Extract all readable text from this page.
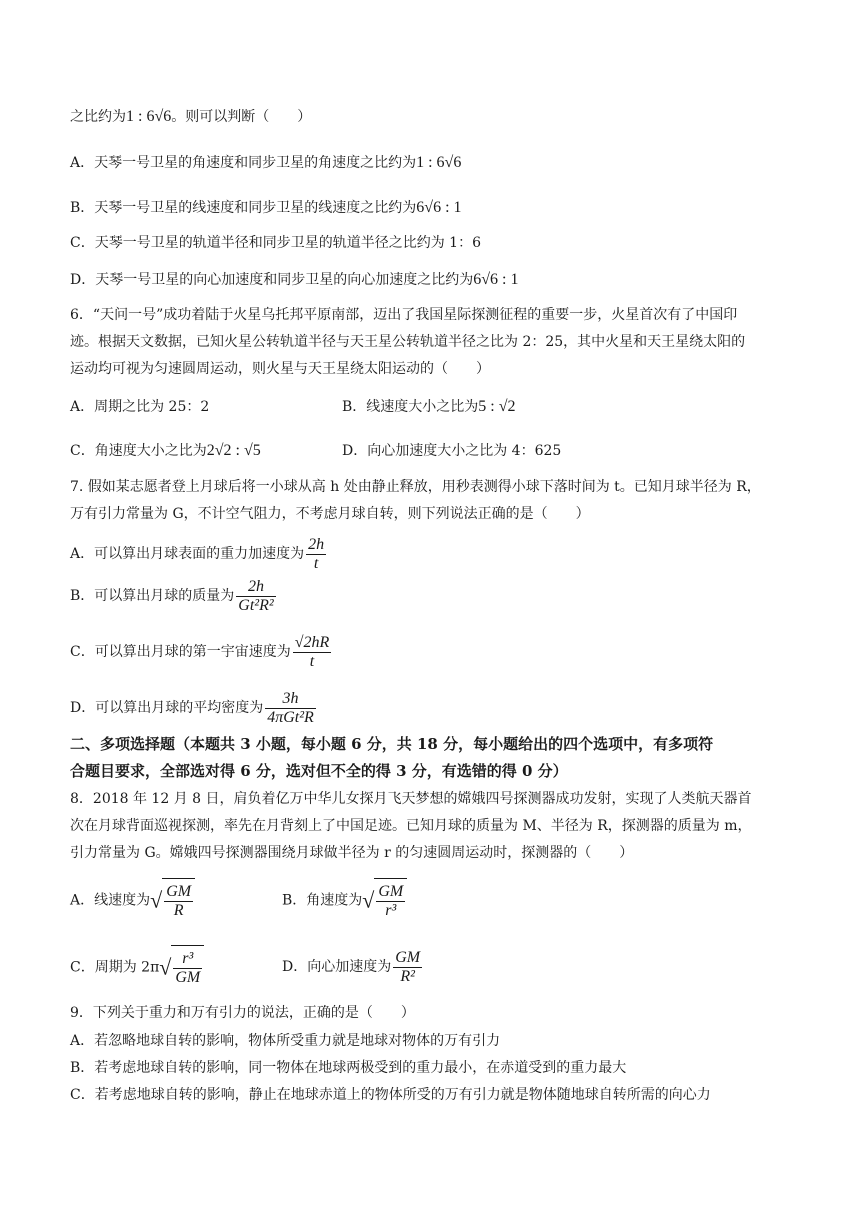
之比约为1 : 6√6。则可以判断（　　）
A．天琴一号卫星的角速度和同步卫星的角速度之比约为1 : 6√6
B．天琴一号卫星的线速度和同步卫星的线速度之比约为6√6 : 1
C．天琴一号卫星的轨道半径和同步卫星的轨道半径之比约为 1：6
D．天琴一号卫星的向心加速度和同步卫星的向心加速度之比约为6√6 : 1
6．“天问一号”成功着陆于火星乌托邦平原南部，迈出了我国星际探测征程的重要一步，火星首次有了中国印
迹。根据天文数据，已知火星公转轨道半径与天王星公转轨道半径之比为 2：25，其中火星和天王星绕太阳的
运动均可视为匀速圆周运动，则火星与天王星绕太阳运动的（　　）
A．周期之比为 25：2	B．线速度大小之比为5 : √2
C．角速度大小之比为2√2 : √5	D．向心加速度大小之比为 4：625
7. 假如某志愿者登上月球后将一小球从高 h 处由静止释放，用秒表测得小球下落时间为 t。已知月球半径为 R，
万有引力常量为 G，不计空气阻力，不考虑月球自转，则下列说法正确的是（　　）
A．可以算出月球表面的重力加速度为 $\frac{2h}{t}$
B．可以算出月球的质量为 $\frac{2h}{\text{Gt²R²}}$
C．可以算出月球的第一宇宙速度为 $\frac{√2hR}{t}$
D．可以算出月球的平均密度为 $\frac{3h}{\text{4πGt²R}}$
二、多项选择题（本题共 3 小题，每小题 6 分，共 18 分，每小题给出的四个选项中，有多项符
合题目要求，全部选对得 6 分，选对但不全的得 3 分，有选错的得 0 分）
8．2018 年 12 月 8 日，肩负着亿万中华儿女探月飞天梦想的嫦娥四号探测器成功发射，实现了人类航天器首
次在月球背面巡视探测，率先在月背刻上了中国足迹。已知月球的质量为 M、半径为 R，探测器的质量为 m，
引力常量为 G。嫦娥四号探测器围绕月球做半径为 r 的匀速圆周运动时，探测器的（　　）
A．线速度为√ $\frac{GM}{R}$	B．角速度为√ $\frac{GM}{\text{r³}}$
C．周期为 $2\pi√ \frac{\text{r³}}{GM}$	D．向心加速度为 $\frac{GM}{\text{R²}}$
9．下列关于重力和万有引力的说法，正确的是（　　）
A．若忽略地球自转的影响，物体所受重力就是地球对物体的万有引力
B．若考虑地球自转的影响，同一物体在地球两极受到的重力最小，在赤道受到的重力最大
C．若考虑地球自转的影响，静止在地球赤道上的物体所受的万有引力就是物体随地球自转所需的向心力
